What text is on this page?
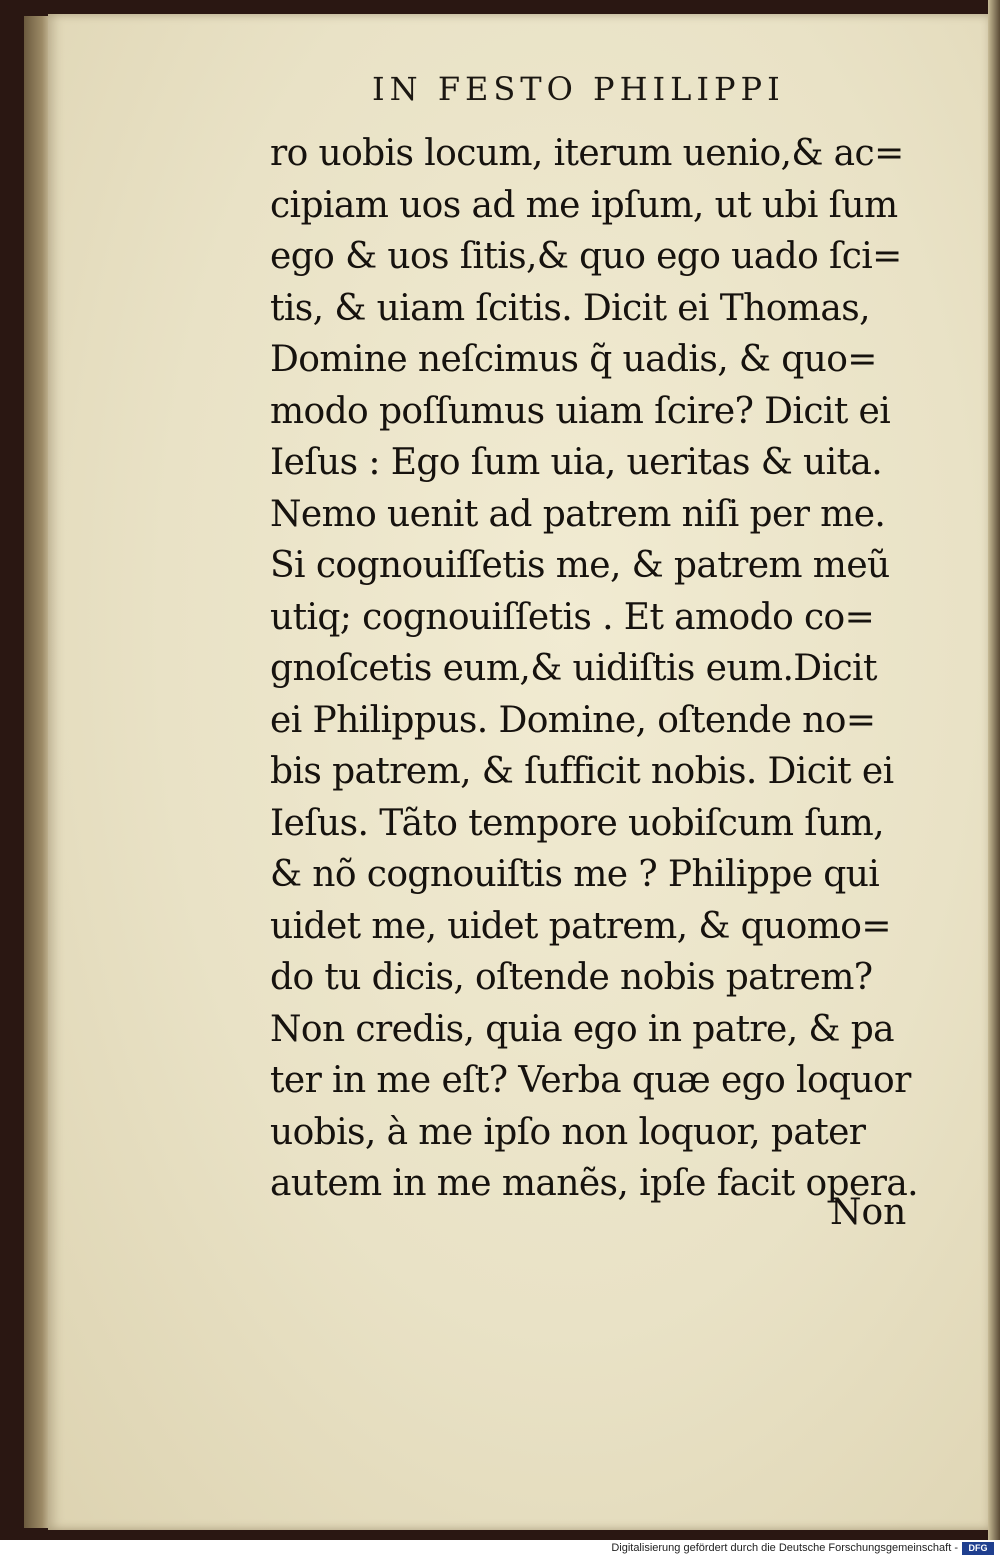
IN FESTO PHILIPPI
ro uobis locum, iterum uenio,& ac=
cipiam uos ad me ipſum, ut ubi ſum
ego & uos ſitis,& quo ego uado ſci=
tis, & uiam ſcitis. Dicit ei Thomas,
Domine neſcimus q̃ uadis, & quo=
modo poſſumus uiam ſcire? Dicit ei
Ieſus : Ego ſum uia, ueritas & uita.
Nemo uenit ad patrem niſi per me.
Si cognouiſſetis me, & patrem meũ
utiq; cognouiſſetis . Et amodo co=
gnoſcetis eum,& uidiſtis eum.Dicit
ei Philippus. Domine, oſtende no=
bis patrem, & ſufficit nobis. Dicit ei
Ieſus. Tãto tempore uobiſcum ſum,
& nõ cognouiſtis me ? Philippe qui
uidet me, uidet patrem, & quomo=
do tu dicis, oſtende nobis patrem?
Non credis, quia ego in patre, & pa
ter in me eſt? Verba quæ ego loquor
uobis, à me ipſo non loquor, pater
autem in me manẽs, ipſe facit opera.
Non
Digitalisierung gefördert durch die Deutsche Forschungsgemeinschaft -	DFG
